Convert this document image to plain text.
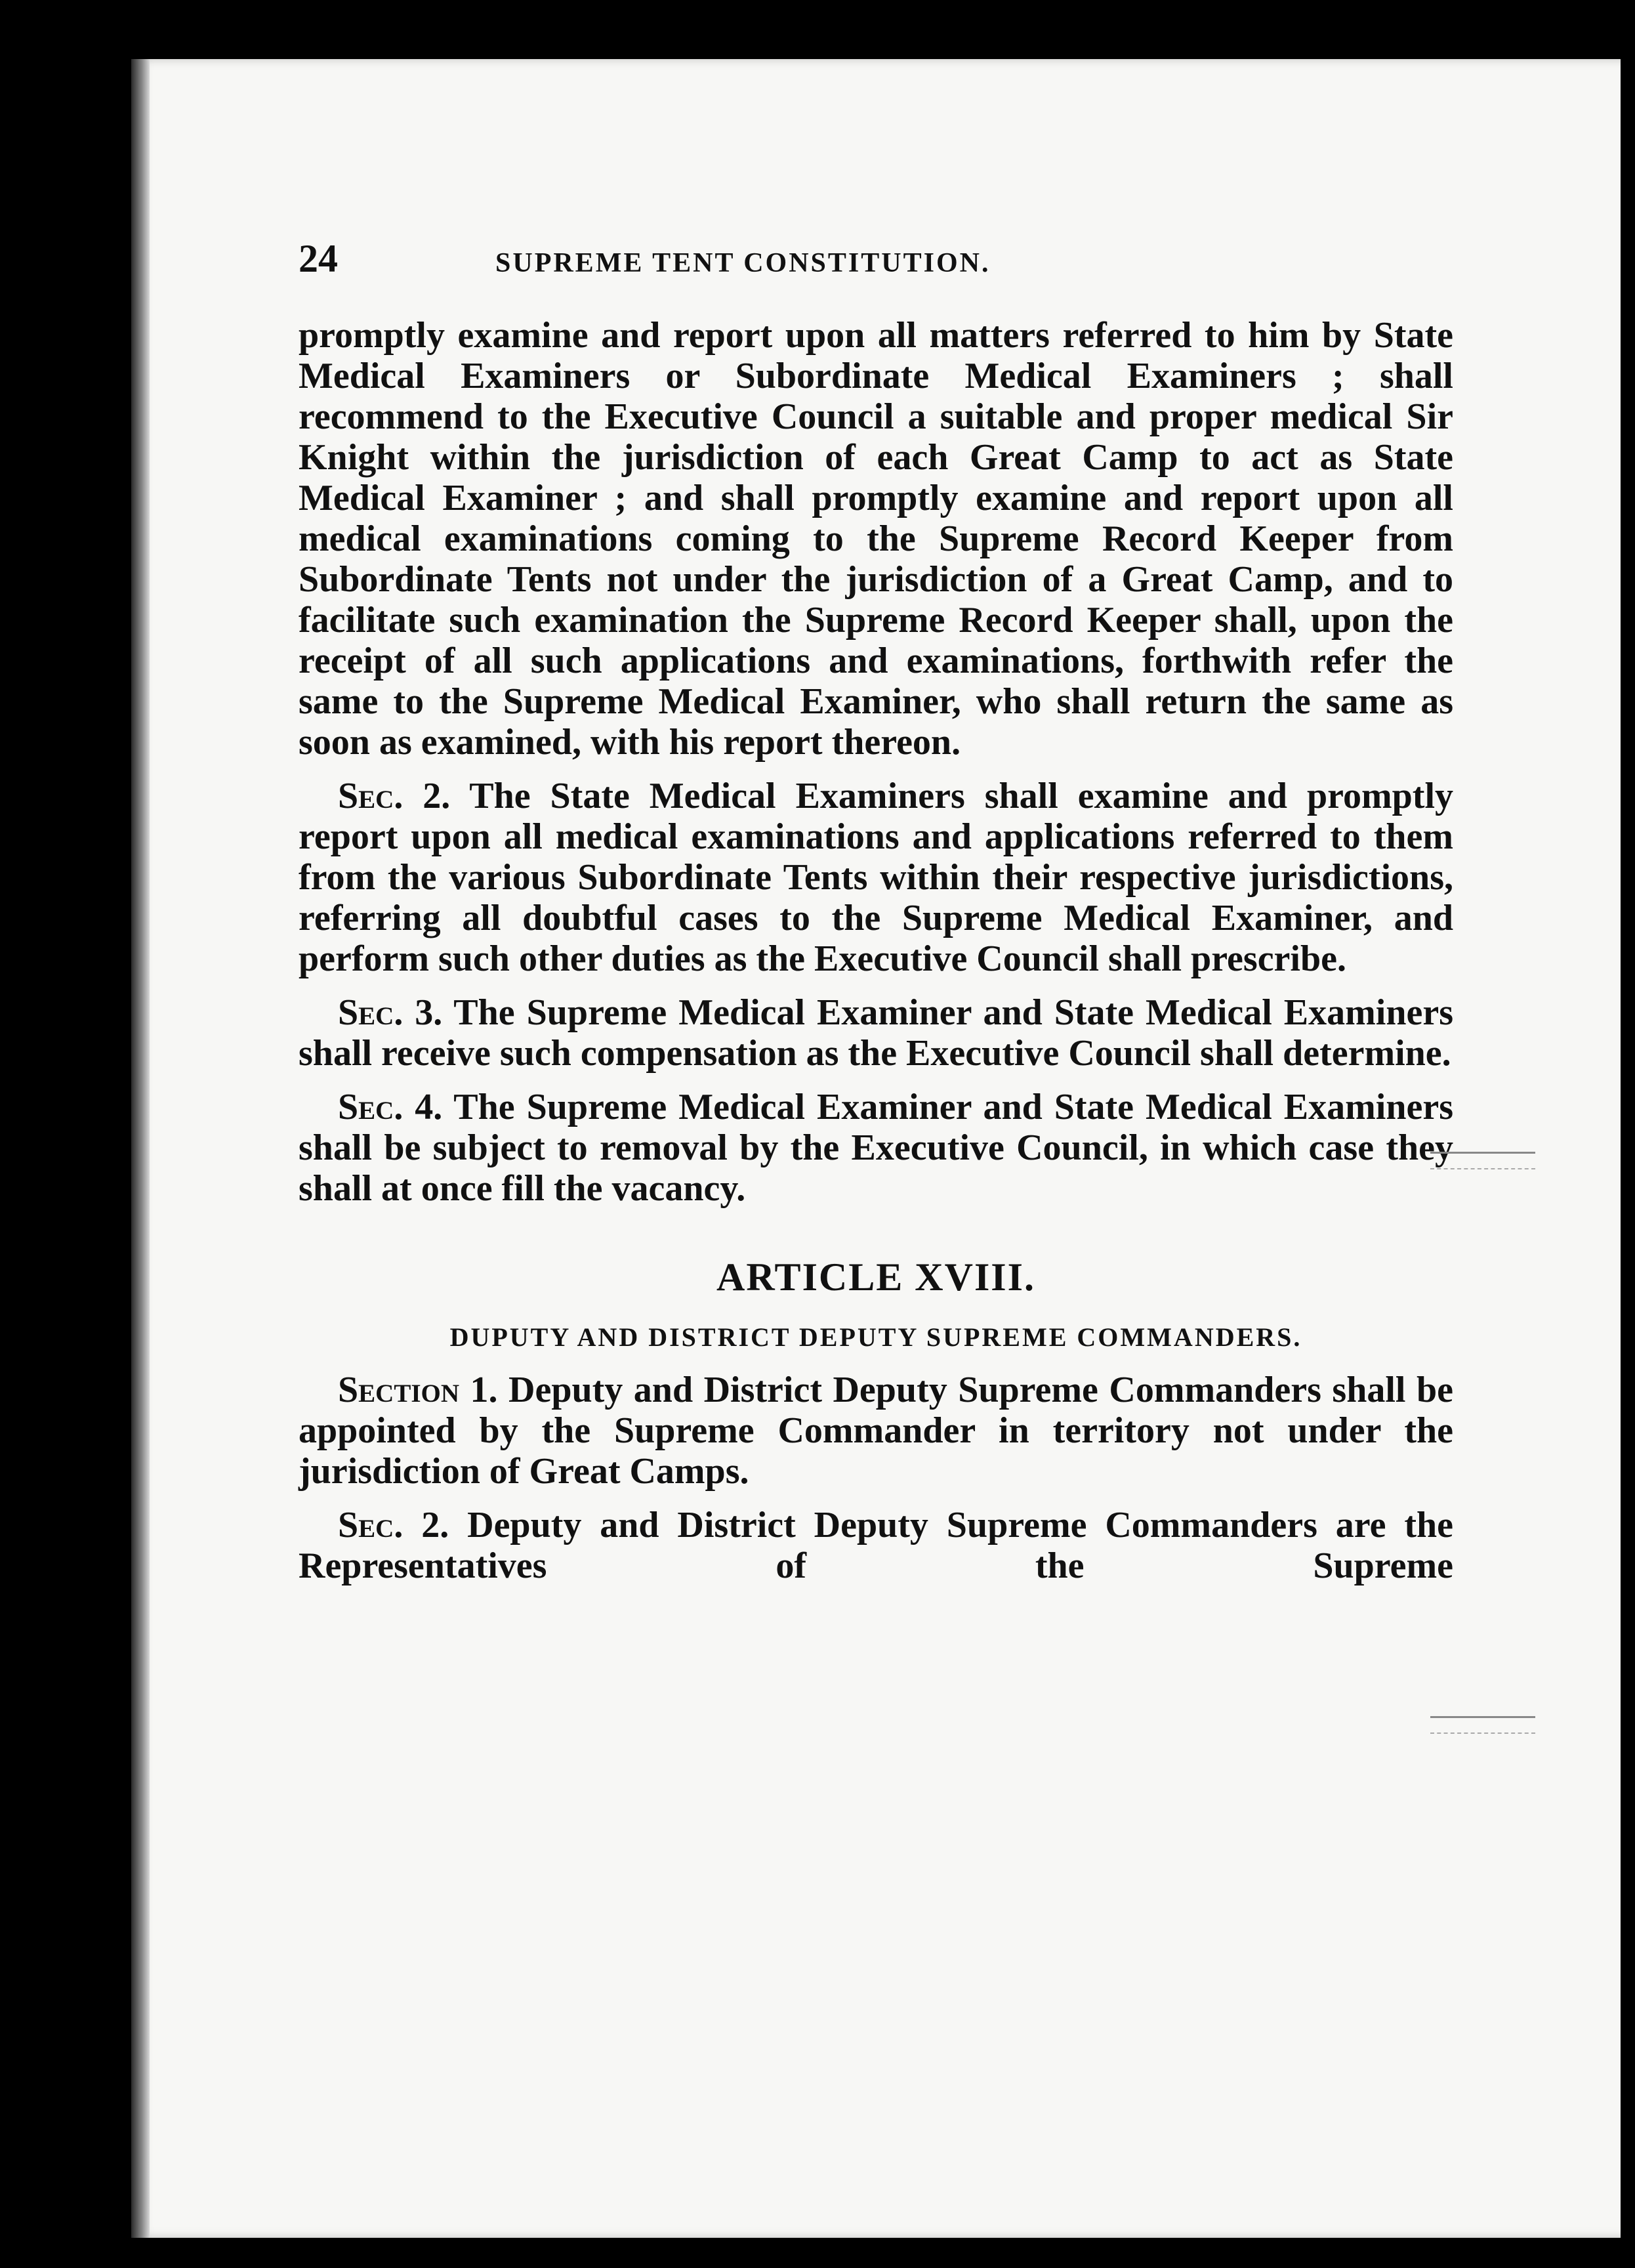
24	SUPREME TENT CONSTITUTION.

promptly examine and report upon all matters referred to him by State Medical Examiners or Subordinate Medical Examiners ; shall recommend to the Executive Council a suitable and proper medical Sir Knight within the jurisdiction of each Great Camp to act as State Medical Examiner ; and shall promptly examine and report upon all medical examinations coming to the Supreme Record Keeper from Subordinate Tents not under the jurisdiction of a Great Camp, and to facilitate such examination the Supreme Record Keeper shall, upon the receipt of all such applications and examinations, forthwith refer the same to the Supreme Medical Examiner, who shall return the same as soon as examined, with his report thereon.

Sec. 2. The State Medical Examiners shall examine and promptly report upon all medical examinations and applications referred to them from the various Subordinate Tents within their respective jurisdictions, referring all doubtful cases to the Supreme Medical Examiner, and perform such other duties as the Executive Council shall prescribe.

Sec. 3. The Supreme Medical Examiner and State Medical Examiners shall receive such compensation as the Executive Council shall determine.

Sec. 4. The Supreme Medical Examiner and State Medical Examiners shall be subject to removal by the Executive Council, in which case they shall at once fill the vacancy.

ARTICLE XVIII.
DUPUTY AND DISTRICT DEPUTY SUPREME COMMANDERS.

Section 1. Deputy and District Deputy Supreme Commanders shall be appointed by the Supreme Commander in territory not under the jurisdiction of Great Camps.

Sec. 2. Deputy and District Deputy Supreme Commanders are the Representatives of the Supreme
